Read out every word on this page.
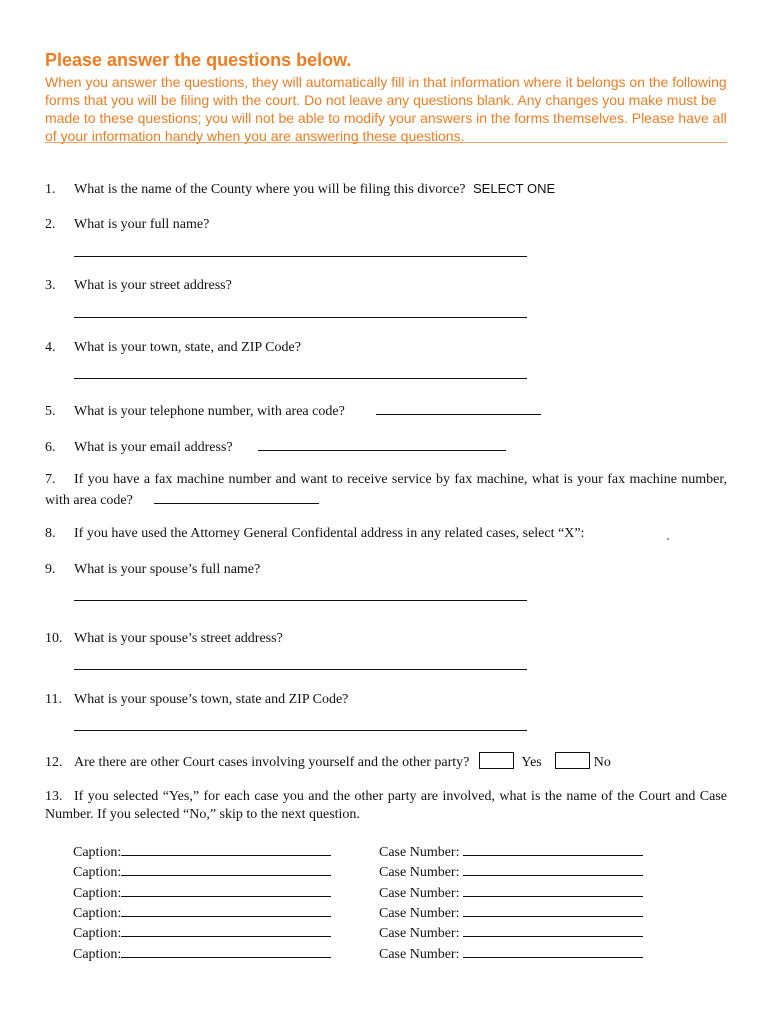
Please answer the questions below.

When you answer the questions, they will automatically fill in that information where it belongs on the following forms that you will be filing with the court. Do not leave any questions blank. Any changes you make must be made to these questions; you will not be able to modify your answers in the forms themselves. Please have all of your information handy when you are answering these questions.

1. What is the name of the County where you will be filing this divorce? SELECT ONE
2. What is your full name?
3. What is your street address?
4. What is your town, state, and ZIP Code?
5. What is your telephone number, with area code?
6. What is your email address?
7. If you have a fax machine number and want to receive service by fax machine, what is your fax machine number, with area code?
8. If you have used the Attorney General Confidental address in any related cases, select “X”:
9. What is your spouse’s full name?
10. What is your spouse’s street address?
11. What is your spouse’s town, state and ZIP Code?
12. Are there are other Court cases involving yourself and the other party?	Yes	No
13. If you selected “Yes,” for each case you and the other party are involved, what is the name of the Court and Case Number. If you selected “No,” skip to the next question.
Caption:	Case Number:
Caption:	Case Number:
Caption:	Case Number:
Caption:	Case Number:
Caption:	Case Number:
Caption:	Case Number:
